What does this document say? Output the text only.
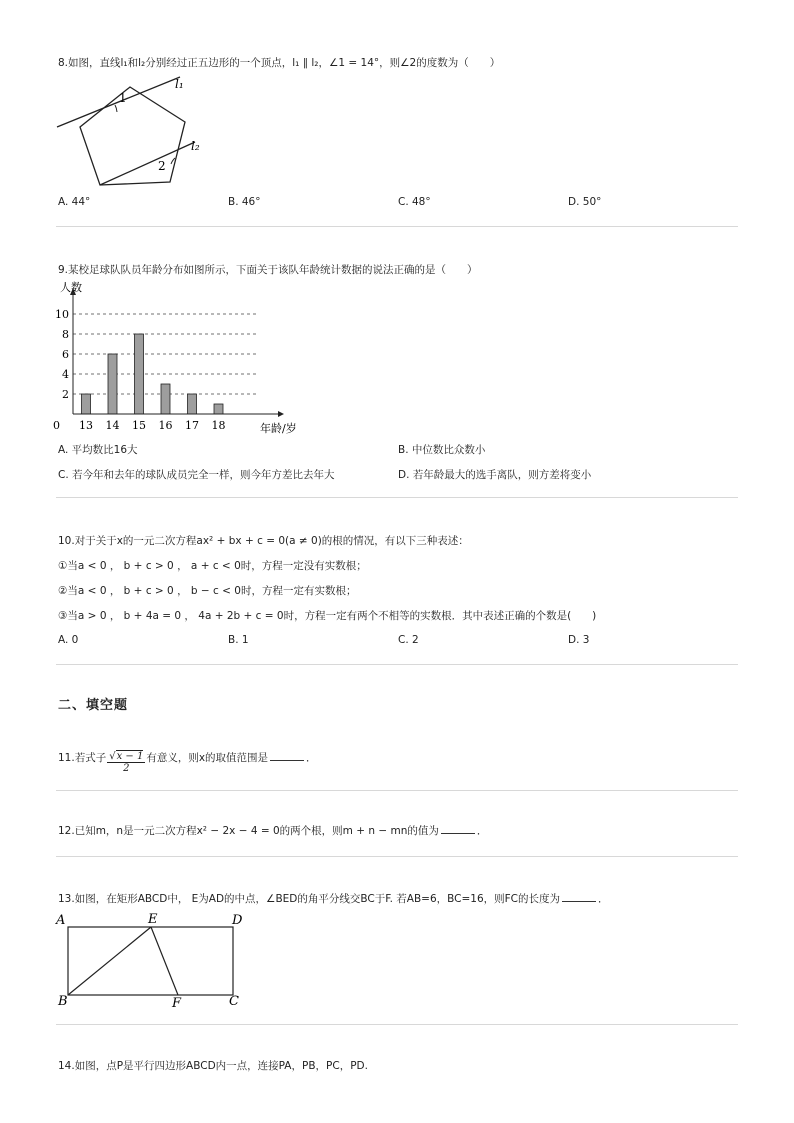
8.如图，直线l₁和l₂分别经过正五边形的一个顶点，l₁ ∥ l₂，∠1 = 14°，则∠2的度数为（　　）
l₁
l₂
1
2
A. 44°	B. 46°	C. 48°	D. 50°
9.某校足球队队员年龄分布如图所示，下面关于该队年龄统计数据的说法正确的是（　　）
0
2
4
6
8
10
13 14 15 16 17 18
人数
年龄/岁
A. 平均数比16大	B. 中位数比众数小
C. 若今年和去年的球队成员完全一样，则今年方差比去年大	D. 若年龄最大的选手离队，则方差将变小
10.对于关于x的一元二次方程ax² + bx + c = 0(a ≠ 0)的根的情况，有以下三种表述：
①当a < 0 ， b + c > 0 ， a + c < 0时，方程一定没有实数根；
②当a < 0 ， b + c > 0 ， b − c < 0时，方程一定有实数根；
③当a > 0 ， b + 4a = 0 ， 4a + 2b + c = 0时，方程一定有两个不相等的实数根．其中表述正确的个数是(　　)
A. 0	B. 1	C. 2	D. 3
二、填空题
11.若式子 $\frac{√x - 1}{2}$ 有意义，则x的取值范围是	．
12.已知m，n是一元二次方程x² − 2x − 4 = 0的两个根，则m + n − mn的值为	．
13.如图，在矩形ABCD中， E为AD的中点，∠BED的角平分线交BC于F. 若AB=6，BC=16，则FC的长度为	．
A	E	D
B	F	C
14.如图，点P是平行四边形ABCD内一点，连接PA，PB，PC，PD.
